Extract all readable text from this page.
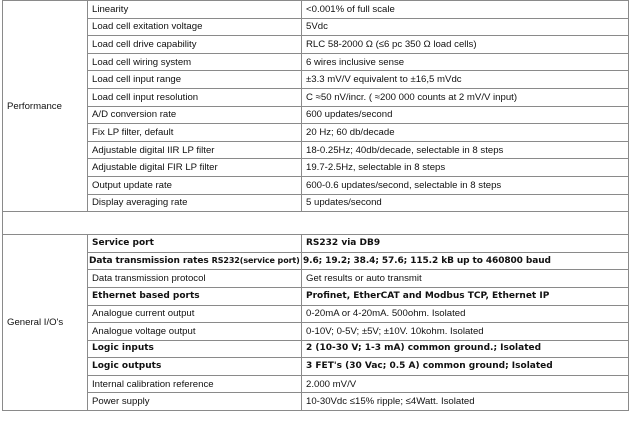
Performance	Linearity	<0.001% of full scale
	Load cell exitation voltage	5Vdc
	Load cell drive capability	RLC 58-2000 Ω (≤6 pc 350 Ω load cells)
	Load cell wiring system	6 wires inclusive sense
	Load cell input range	±3.3 mV/V equivalent to ±16,5 mVdc
	Load cell input resolution	C ≈50 nV/incr. ( ≈200 000 counts at 2 mV/V input)
	A/D conversion rate	600 updates/second
	Fix LP filter, default	20 Hz; 60 db/decade
	Adjustable digital IIR LP filter	18-0.25Hz; 40db/decade, selectable in 8 steps
	Adjustable digital FIR LP filter	19.7-2.5Hz, selectable in 8 steps
	Output update rate	600-0.6 updates/second, selectable in 8 steps
	Display averaging rate	5 updates/second

General I/O's	Service port	RS232 via DB9
	Data transmission rates RS232(service port)	9.6; 19.2; 38.4; 57.6; 115.2 kB up to 460800 baud
	Data transmission protocol	Get results or auto transmit
	Ethernet based ports	Profinet, EtherCAT and Modbus TCP, Ethernet IP
	Analogue current output	0-20mA or 4-20mA. 500ohm. Isolated
	Analogue voltage output	0-10V; 0-5V; ±5V; ±10V. 10kohm. Isolated
	Logic inputs	2 (10-30 V; 1-3 mA) common ground.; Isolated
	Logic outputs	3 FET's (30 Vac; 0.5 A) common ground; Isolated
	Internal calibration reference	2.000 mV/V
	Power supply	10-30Vdc ≤15% ripple; ≤4Watt. Isolated
